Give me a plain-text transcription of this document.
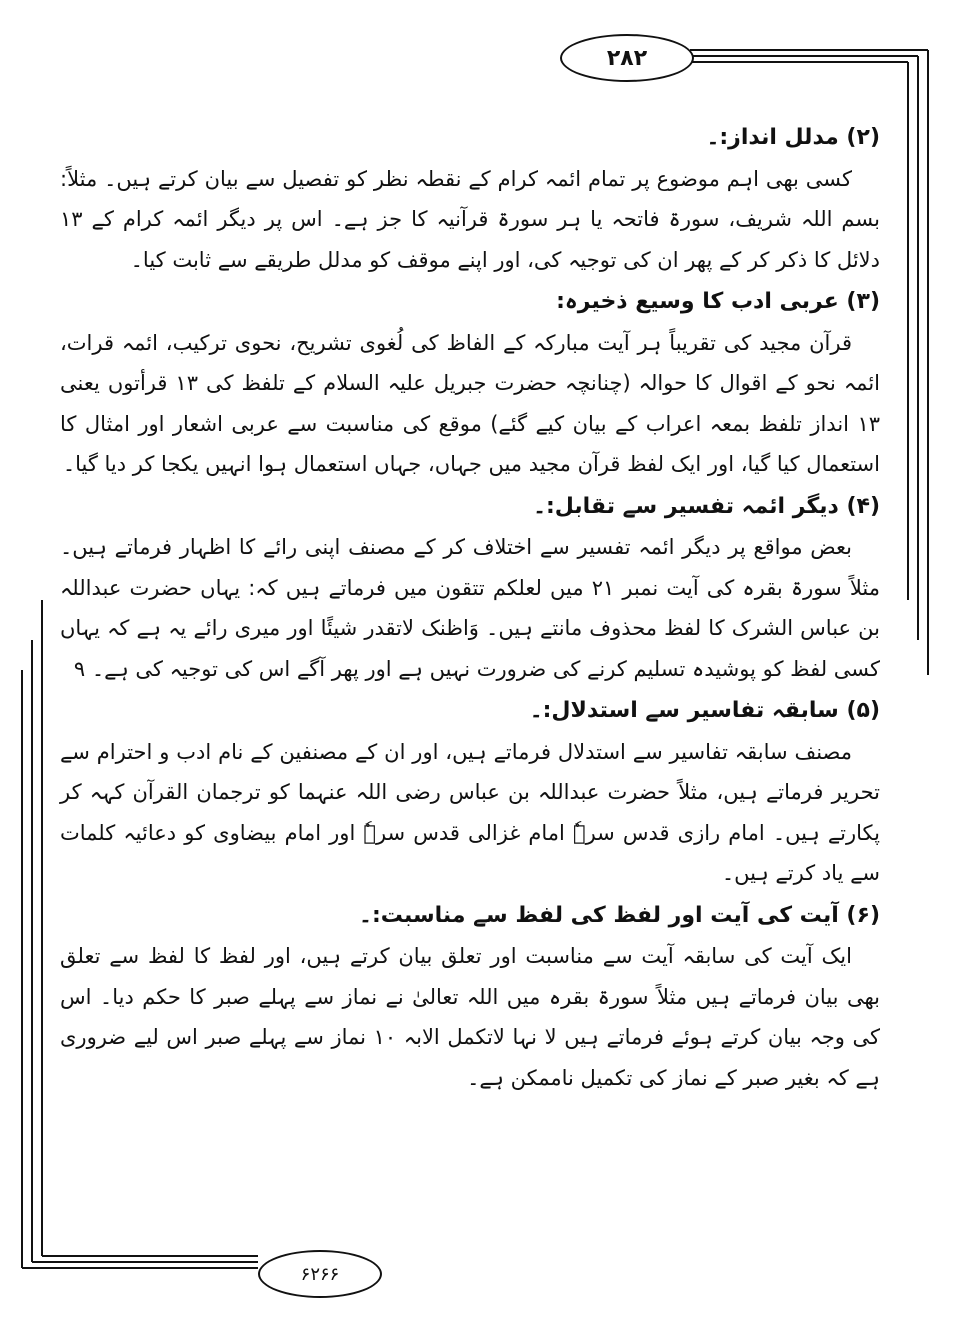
۲۸۲

(۲) مدلل انداز:۔

کسی بھی اہم موضوع پر تمام ائمہ کرام کے نقطہ نظر کو تفصیل سے بیان کرتے ہیں۔ مثلاً: بسم اللہ شریف، سورۃ فاتحہ یا ہر سورۃ قرآنیہ کا جز ہے۔ اس پر دیگر ائمہ کرام کے ۱۳ دلائل کا ذکر کر کے پھر ان کی توجیہ کی، اور اپنے موقف کو مدلل طریقے سے ثابت کیا۔

(۳) عربی ادب کا وسیع ذخیرہ:

قرآن مجید کی تقریباً ہر آیت مبارکہ کے الفاظ کی لُغوی تشریح، نحوی ترکیب، ائمہ قرات، ائمہ نحو کے اقوال کا حوالہ (چنانچہ حضرت جبریل علیہ السلام کے تلفظ کی ۱۳ قرأتوں یعنی ۱۳ انداز تلفظ بمعہ اعراب کے بیان کیے گئے) موقع کی مناسبت سے عربی اشعار اور امثال کا استعمال کیا گیا، اور ایک لفظ قرآن مجید میں جہاں، جہاں استعمال ہوا انہیں یکجا کر دیا گیا۔

(۴) دیگر ائمہ تفسیر سے تقابل:۔

بعض مواقع پر دیگر ائمہ تفسیر سے اختلاف کر کے مصنف اپنی رائے کا اظہار فرماتے ہیں۔ مثلاً سورۃ بقرہ کی آیت نمبر ۲۱ میں لعلکم تتقون میں فرماتے ہیں کہ: یہاں حضرت عبداللہ بن عباس الشرک کا لفظ محذوف مانتے ہیں۔ وَاظنک لاتقدر شیئًا اور میری رائے یہ ہے کہ یہاں کسی لفظ کو پوشیدہ تسلیم کرنے کی ضرورت نہیں ہے اور پھر آگے اس کی توجیہ کی ہے۔ ۹

(۵) سابقہ تفاسیر سے استدلال:۔

مصنف سابقہ تفاسیر سے استدلال فرماتے ہیں، اور ان کے مصنفین کے نام ادب و احترام سے تحریر فرماتے ہیں، مثلاً حضرت عبداللہ بن عباس رضی اللہ عنہما کو ترجمان القرآن کہہ کر پکارتے ہیں۔ امام رازی قدس سرہٗ امام غزالی قدس سرہٗ اور امام بیضاوی کو دعائیہ کلمات سے یاد کرتے ہیں۔

(۶) آیت کی آیت اور لفظ کی لفظ سے مناسبت:۔

ایک آیت کی سابقہ آیت سے مناسبت اور تعلق بیان کرتے ہیں، اور لفظ کا لفظ سے تعلق بھی بیان فرماتے ہیں مثلاً سورۃ بقرہ میں اللہ تعالیٰ نے نماز سے پہلے صبر کا حکم دیا۔ اس کی وجہ بیان کرتے ہوئے فرماتے ہیں لا نہا لاتکمل الابہ ۱۰ نماز سے پہلے صبر اس لیے ضروری ہے کہ بغیر صبر کے نماز کی تکمیل ناممکن ہے۔

۶۲۶۶
